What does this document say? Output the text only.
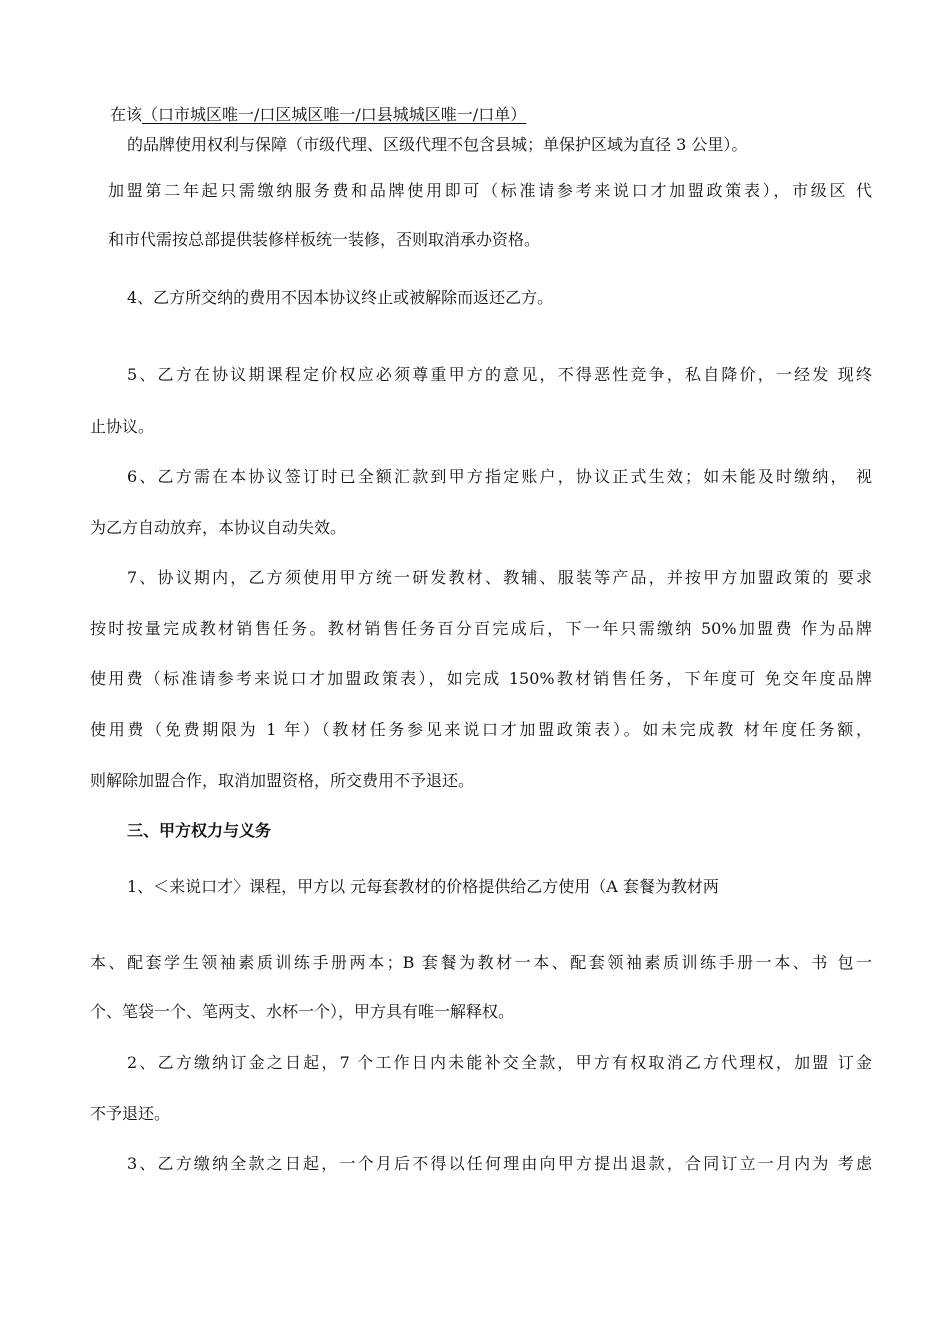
在该（口市城区唯一/口区城区唯一/口县城城区唯一/口单）
的品牌使用权利与保障（市级代理、区级代理不包含县城；单保护区域为直径 3 公里）。
加盟第二年起只需缴纳服务费和品牌使用即可（标准请参考来说口才加盟政策表），市级区 代
和市代需按总部提供装修样板统一装修，否则取消承办资格。
4、乙方所交纳的费用不因本协议终止或被解除而返还乙方。
5、乙方在协议期课程定价权应必须尊重甲方的意见，不得恶性竞争，私自降价，一经发 现终
止协议。
6、乙方需在本协议签订时已全额汇款到甲方指定账户，协议正式生效；如未能及时缴纳， 视
为乙方自动放弃，本协议自动失效。
7、协议期内，乙方须使用甲方统一研发教材、教辅、服装等产品，并按甲方加盟政策的 要求
按时按量完成教材销售任务。教材销售任务百分百完成后，下一年只需缴纳 50%加盟费 作为品牌
使用费（标准请参考来说口才加盟政策表），如完成 150%教材销售任务，下年度可 免交年度品牌
使用费（免费期限为 1 年）（教材任务参见来说口才加盟政策表）。如未完成教 材年度任务额，
则解除加盟合作，取消加盟资格，所交费用不予退还。
三、甲方权力与义务
1、＜来说口才〉课程，甲方以 元每套教材的价格提供给乙方使用（A 套餐为教材两
本、配套学生领袖素质训练手册两本；B 套餐为教材一本、配套领袖素质训练手册一本、书 包一
个、笔袋一个、笔两支、水杯一个），甲方具有唯一解释权。
2、乙方缴纳订金之日起，7 个工作日内未能补交全款，甲方有权取消乙方代理权，加盟 订金
不予退还。
3、乙方缴纳全款之日起，一个月后不得以任何理由向甲方提出退款，合同订立一月内为 考虑
